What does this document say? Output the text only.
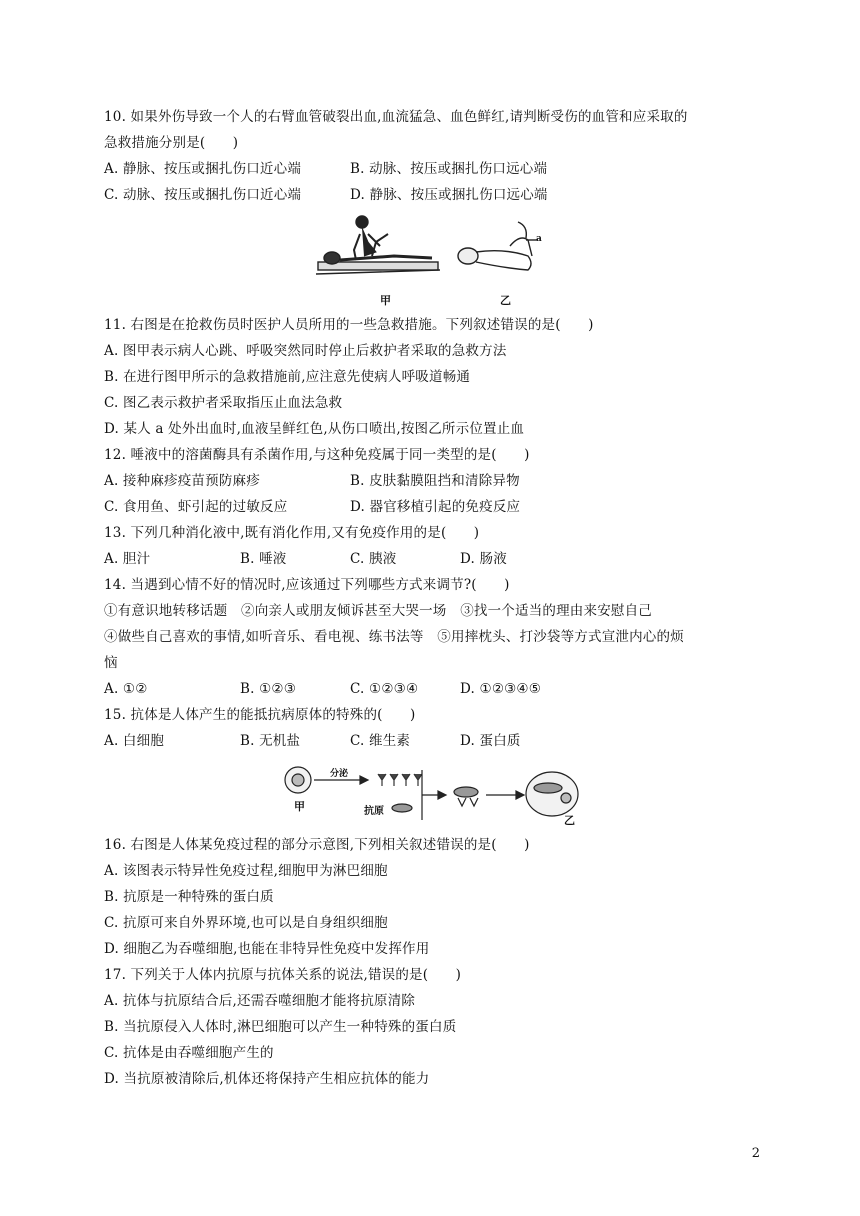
10. 如果外伤导致一个人的右臂血管破裂出血,血流猛急、血色鲜红,请判断受伤的血管和应采取的
急救措施分别是(　　)
A. 静脉、按压或捆扎伤口近心端	B. 动脉、按压或捆扎伤口远心端
C. 动脉、按压或捆扎伤口近心端	D. 静脉、按压或捆扎伤口远心端
a
甲	乙
11. 右图是在抢救伤员时医护人员所用的一些急救措施。下列叙述错误的是(　　)
A. 图甲表示病人心跳、呼吸突然同时停止后救护者采取的急救方法
B. 在进行图甲所示的急救措施前,应注意先使病人呼吸道畅通
C. 图乙表示救护者采取指压止血法急救
D. 某人 a 处外出血时,血液呈鲜红色,从伤口喷出,按图乙所示位置止血
12. 唾液中的溶菌酶具有杀菌作用,与这种免疫属于同一类型的是(　　)
A. 接种麻疹疫苗预防麻疹	B. 皮肤黏膜阻挡和清除异物
C. 食用鱼、虾引起的过敏反应	D. 器官移植引起的免疫反应
13. 下列几种消化液中,既有消化作用,又有免疫作用的是(　　)
A. 胆汁	B. 唾液	C. 胰液	D. 肠液
14. 当遇到心情不好的情况时,应该通过下列哪些方式来调节?(　　)
①有意识地转移话题　②向亲人或朋友倾诉甚至大哭一场　③找一个适当的理由来安慰自己
④做些自己喜欢的事情,如听音乐、看电视、练书法等　⑤用摔枕头、打沙袋等方式宣泄内心的烦
恼
A. ①②	B. ①②③	C. ①②③④	D. ①②③④⑤
15. 抗体是人体产生的能抵抗病原体的特殊的(　　)
A. 白细胞	B. 无机盐	C. 维生素	D. 蛋白质
分泌
抗原
甲
乙
16. 右图是人体某免疫过程的部分示意图,下列相关叙述错误的是(　　)
A. 该图表示特异性免疫过程,细胞甲为淋巴细胞
B. 抗原是一种特殊的蛋白质
C. 抗原可来自外界环境,也可以是自身组织细胞
D. 细胞乙为吞噬细胞,也能在非特异性免疫中发挥作用
17. 下列关于人体内抗原与抗体关系的说法,错误的是(　　)
A. 抗体与抗原结合后,还需吞噬细胞才能将抗原清除
B. 当抗原侵入人体时,淋巴细胞可以产生一种特殊的蛋白质
C. 抗体是由吞噬细胞产生的
D. 当抗原被清除后,机体还将保持产生相应抗体的能力
2
